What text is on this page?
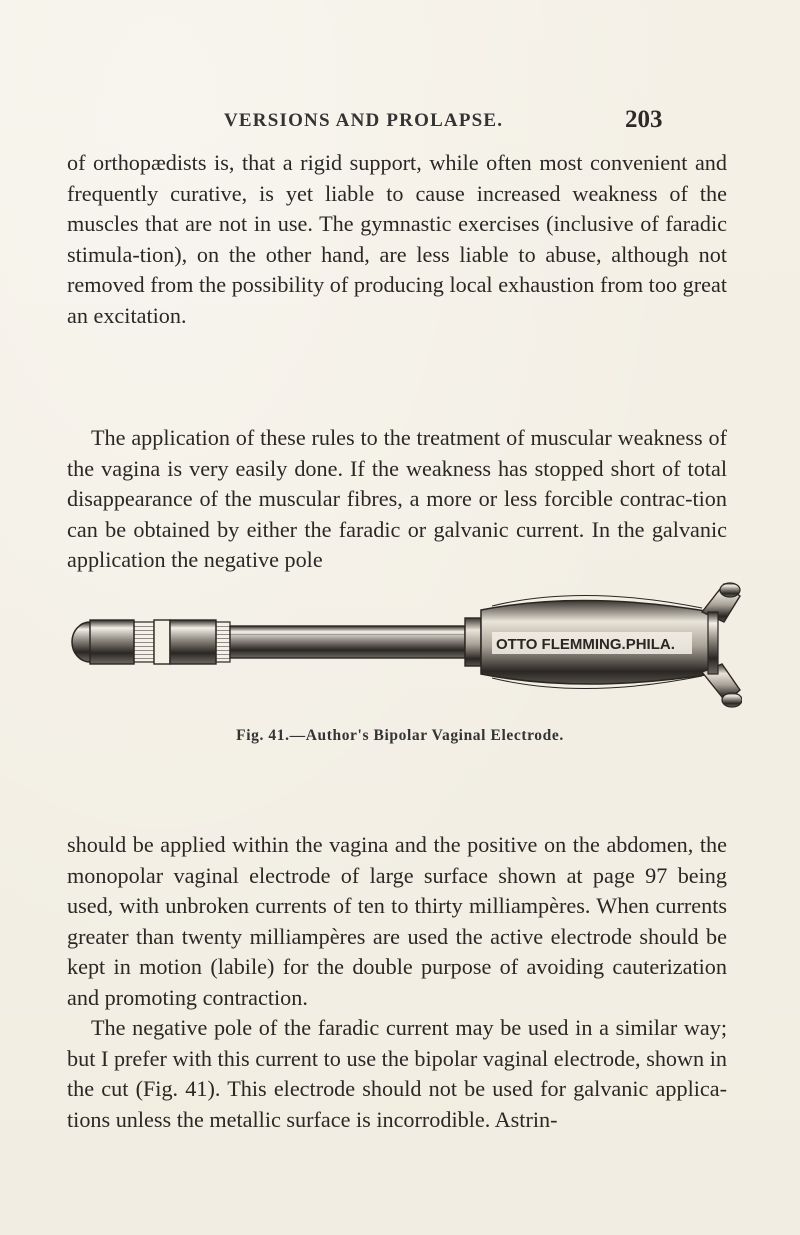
VERSIONS AND PROLAPSE.	203

of orthopædists is, that a rigid support, while often most convenient and frequently curative, is yet liable to cause increased weakness of the muscles that are not in use. The gymnastic exercises (inclusive of faradic stimula-tion), on the other hand, are less liable to abuse, although not removed from the possibility of producing local exhaustion from too great an excitation.

The application of these rules to the treatment of muscular weakness of the vagina is very easily done. If the weakness has stopped short of total disappearance of the muscular fibres, a more or less forcible contrac-tion can be obtained by either the faradic or galvanic current. In the galvanic application the negative pole

OTTO FLEMMING.PHILA.
Fig. 41.—Author's Bipolar Vaginal Electrode.

should be applied within the vagina and the positive on the abdomen, the monopolar vaginal electrode of large surface shown at page 97 being used, with unbroken currents of ten to thirty milliampères. When currents greater than twenty milliampères are used the active electrode should be kept in motion (labile) for the double purpose of avoiding cauterization and promoting contraction.

The negative pole of the faradic current may be used in a similar way; but I prefer with this current to use the bipolar vaginal electrode, shown in the cut (Fig. 41). This electrode should not be used for galvanic applica-tions unless the metallic surface is incorrodible. Astrin-
